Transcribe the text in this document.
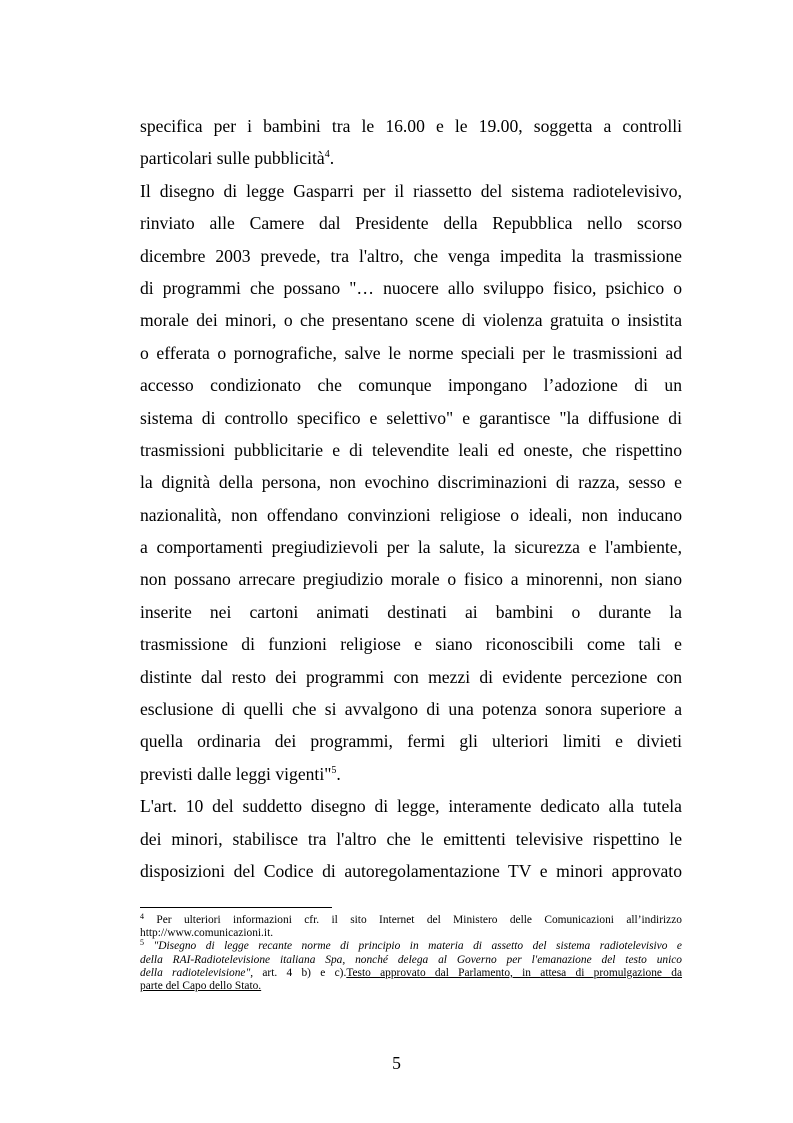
specifica per i bambini tra le 16.00 e le 19.00, soggetta a controlli
particolari sulle pubblicità$^4$.
Il disegno di legge Gasparri per il riassetto del sistema radiotelevisivo,
rinviato alle Camere dal Presidente della Repubblica nello scorso
dicembre 2003 prevede, tra l'altro, che venga impedita la trasmissione
di programmi che possano "… nuocere allo sviluppo fisico, psichico o
morale dei minori, o che presentano scene di violenza gratuita o insistita
o efferata o pornografiche, salve le norme speciali per le trasmissioni ad
accesso condizionato che comunque impongano l’adozione di un
sistema di controllo specifico e selettivo" e garantisce "la diffusione di
trasmissioni pubblicitarie e di televendite leali ed oneste, che rispettino
la dignità della persona, non evochino discriminazioni di razza, sesso e
nazionalità, non offendano convinzioni religiose o ideali, non inducano
a comportamenti pregiudizievoli per la salute, la sicurezza e l'ambiente,
non possano arrecare pregiudizio morale o fisico a minorenni, non siano
inserite nei cartoni animati destinati ai bambini o durante la
trasmissione di funzioni religiose e siano riconoscibili come tali e
distinte dal resto dei programmi con mezzi di evidente percezione con
esclusione di quelli che si avvalgono di una potenza sonora superiore a
quella ordinaria dei programmi, fermi gli ulteriori limiti e divieti
previsti dalle leggi vigenti"$^5$.
L'art. 10 del suddetto disegno di legge, interamente dedicato alla tutela
dei minori, stabilisce tra l'altro che le emittenti televisive rispettino le
disposizioni del Codice di autoregolamentazione TV e minori approvato
$^4$ Per ulteriori informazioni cfr. il sito Internet del Ministero delle Comunicazioni all’indirizzo
http://www.comunicazioni.it.
$^5$ "Disegno di legge recante norme di principio in materia di assetto del sistema radiotelevisivo e
della RAI-Radiotelevisione italiana Spa, nonché delega al Governo per l'emanazione del testo unico
della radiotelevisione", art. 4 b) e c).Testo approvato dal Parlamento, in attesa di promulgazione da
parte del Capo dello Stato.
5
